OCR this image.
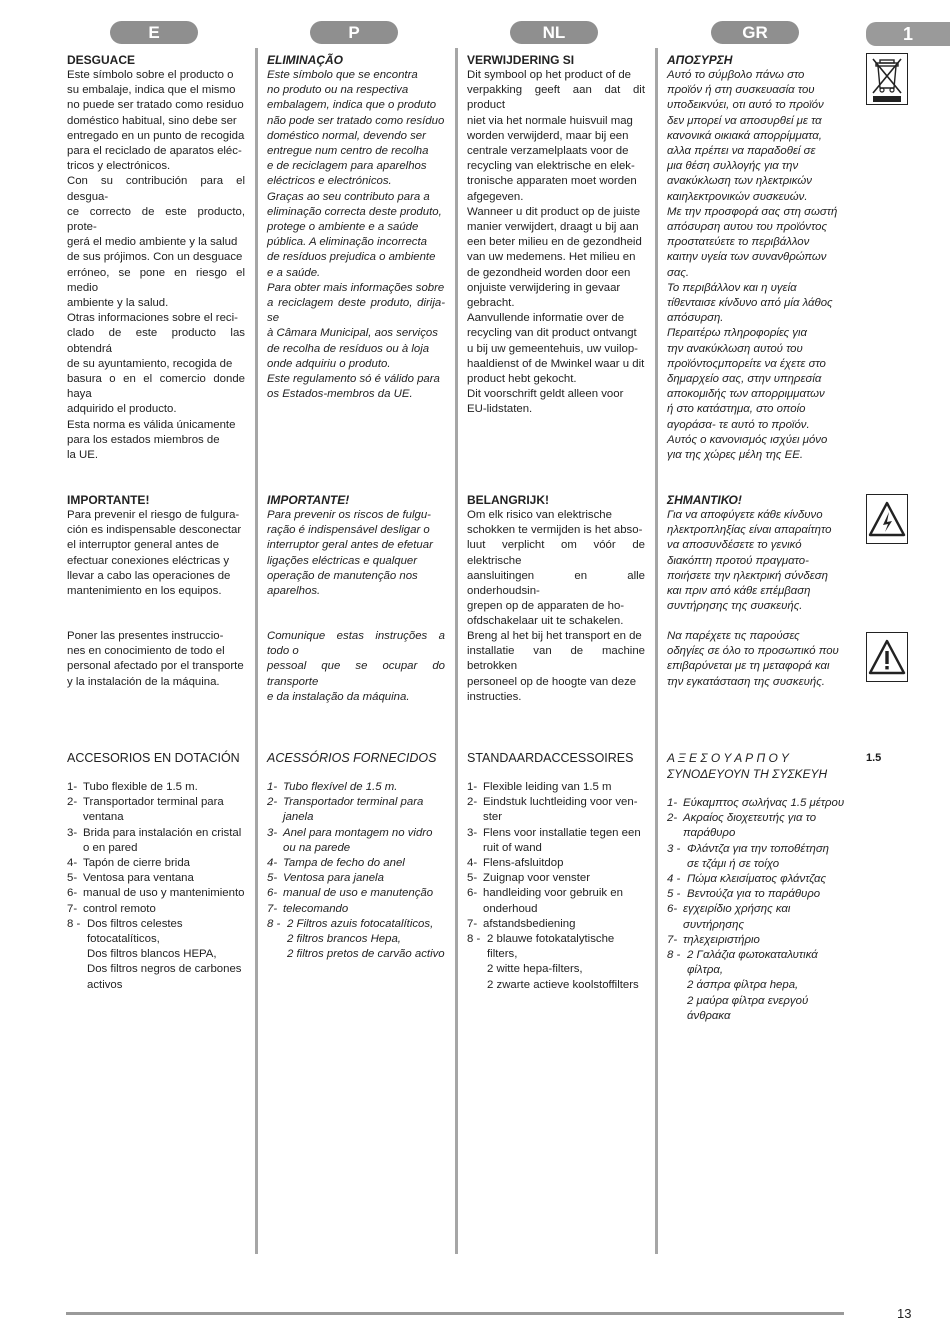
E	P	NL	GR	1
DESGUACE
Este símbolo sobre el producto o
su embalaje, indica que el mismo
no puede ser tratado como residuo
doméstico habitual, sino debe ser
entregado en un punto de recogida
para el reciclado de aparatos eléc-
tricos y electrónicos.
Con su contribución para el desgua-
ce correcto de este producto, prote-
gerá el medio ambiente y la salud
de sus prójimos. Con un desguace
erróneo, se pone en riesgo el medio
ambiente y la salud.
Otras informaciones sobre el reci-
clado de este producto las obtendrá
de su ayuntamiento, recogida de
basura o en el comercio donde haya
adquirido el producto.
Esta norma es válida únicamente
para los estados miembros de
la UE.
ELIMINAÇÃO
Este símbolo que se encontra
no produto ou na respectiva
embalagem, indica que o produto
não pode ser tratado como resíduo
doméstico normal, devendo ser
entregue num centro de recolha
e de reciclagem para aparelhos
eléctricos e electrónicos.
Graças ao seu contributo para a
eliminação correcta deste produto,
protege o ambiente e a saúde
pública. A eliminação incorrecta
de resíduos prejudica o ambiente
e a saúde.
Para obter mais informações sobre
a reciclagem deste produto, dirija-se
à Câmara Municipal, aos serviços
de recolha de resíduos ou à loja
onde adquiriu o produto.
Este regulamento só é válido para
os Estados-membros da UE.
VERWIJDERING SI
Dit symbool op het product of de
verpakking geeft aan dat dit product
niet via het normale huisvuil mag
worden verwijderd, maar bij een
centrale verzamelplaats voor de
recycling van elektrische en elek-
tronische apparaten moet worden
afgegeven.
Wanneer u dit product op de juiste
manier verwijdert, draagt u bij aan
een beter milieu en de gezondheid
van uw medemens. Het milieu en
de gezondheid worden door een
onjuiste verwijdering in gevaar
gebracht.
Aanvullende informatie over de
recycling van dit product ontvangt
u bij uw gemeentehuis, uw vuilop-
haaldienst of de Mwinkel waar u dit
product hebt gekocht.
Dit voorschrift geldt alleen voor
EU-lidstaten.
ΑΠΟΣΥΡΣΗ
Αυτό το σύμβολο πάνω στο
προϊόν ή στη συσκευασία του
υποδεικνύει, οτι αυτό το προϊόν
δεν μπορεί να αποσυρθεί με τα
κανονικά οικιακά απορρίμματα,
αλλα πρέπει να παραδοθεί σε
μια θέση συλλογής για την
ανακύκλωση των ηλεκτρικών
καιηλεκτρονικών συσκευών.
Με την προσφορά σας στη σωστή
απόσυρση αυτου του προϊόντος
προστατεύετε το περιβάλλον
καιτην υγεία των συνανθρώπων
σας.
Το περιβάλλον και η υγεία
τίθενταισε κίνδυνο από μία λάθος
απόσυρση.
Περαιτέρω πληροφορίες για
την ανακύκλωση αυτού του
προϊόντοςμπορείτε να έχετε στο
δημαρχείο σας, στην υπηρεσία
αποκομιδής των απορριμματων
ή στο κατάστημα, στο οποίο
αγοράσα- τε αυτό το προϊόν.
Αυτός ο κανονισμός ισχύει μόνο
για της χώρες μέλη της ΕΕ.
IMPORTANTE!
Para prevenir el riesgo de fulgura-
ción es indispensable desconectar
el interruptor general antes de
efectuar conexiones eléctricas y
llevar a cabo las operaciones de
mantenimiento en los equipos.
IMPORTANTE!
Para prevenir os riscos de fulgu-
ração é indispensável desligar o
interruptor geral antes de efetuar
ligações eléctricas e qualquer
operação de manutenção nos
aparelhos.
BELANGRIJK!
Om elk risico van elektrische
schokken te vermijden is het abso-
luut verplicht om vóór de elektrische
aansluitingen en alle onderhoudsin-
grepen op de apparaten de ho-
ofdschakelaar uit te schakelen.
ΣΗΜΑΝΤΙΚΟ!
Για να αποφύγετε κάθε κίνδυνο
ηλεκτροπληξίας είναι απαραίτητο
να αποσυνδέσετε το γενικό
διακόπτη προτού πραγματο-
ποιήσετε την ηλεκτρική σύνδεση
και πριν από κάθε επέμβαση
συντήρησης της συσκευής.
Poner las presentes instruccio-
nes en conocimiento de todo el
personal afectado por el transporte
y la instalación de la máquina.
Comunique estas instruções a todo o
pessoal que se ocupar do transporte
e da instalação da máquina.
Breng al het bij het transport en de
installatie van de machine betrokken
personeel op de hoogte van deze
instructies.
Να παρέχετε τις παρούσες
οδηγίες σε όλο το προσωπικό που
επιβαρύνεται με τη μεταφορά και
την εγκατάσταση της συσκευής.
ACCESORIOS EN DOTACIÓN
1- Tubo flexible de 1.5 m.
2- Transportador terminal para
ventana
3- Brida para instalación en cristal
o en pared
4- Tapón de cierre brida
5- Ventosa para ventana
6- manual de uso y mantenimiento
7- control remoto
8 - Dos filtros celestes
fotocatalíticos,
Dos filtros blancos HEPA,
Dos filtros negros de carbones
activos
ACESSÓRIOS FORNECIDOS
1- Tubo flexível de 1.5 m.
2- Transportador terminal para
janela
3- Anel para montagem no vidro
ou na parede
4- Tampa de fecho do anel
5- Ventosa para janela
6- manual de uso e manutenção
7- telecomando
8 - 2 Filtros azuis fotocatalíticos,
2 filtros brancos Hepa,
2 filtros pretos de carvão activo
STANDAARDACCESSOIRES
1- Flexible leiding van 1.5 m
2- Eindstuk luchtleiding voor ven-
ster
3- Flens voor installatie tegen een
ruit of wand
4- Flens-afsluitdop
5- Zuignap voor venster
6- handleiding voor gebruik en
onderhoud
7- afstandsbediening
8 - 2 blauwe fotokatalytische filters,
2 witte hepa-filters,
2 zwarte actieve koolstoffilters
Α Ξ Ε Σ Ο Υ Α Ρ Π Ο Υ
ΣΥΝΟΔΕΥΟΥΝ ΤΗ ΣΥΣΚΕΥΗ
1- Εύκαμπτος σωλήνας 1.5 μέτρου
2- Ακραίος διοχετευτής για το
παράθυρο
3 - Φλάντζα για την τοποθέτηση
σε τζάμι ή σε τοίχο
4 - Πώμα κλεισίματος φλάντζας
5 - Βεντούζα για το παράθυρο
6- εγχειρίδιο χρήσης και
συντήρησης
7- τηλεχειριστήριο
8 - 2 Γαλάζια φωτοκαταλυτικά
φίλτρα,
2 άσπρα φίλτρα hepa,
2 μαύρα φίλτρα ενεργού
άνθρακα
1.5
13
